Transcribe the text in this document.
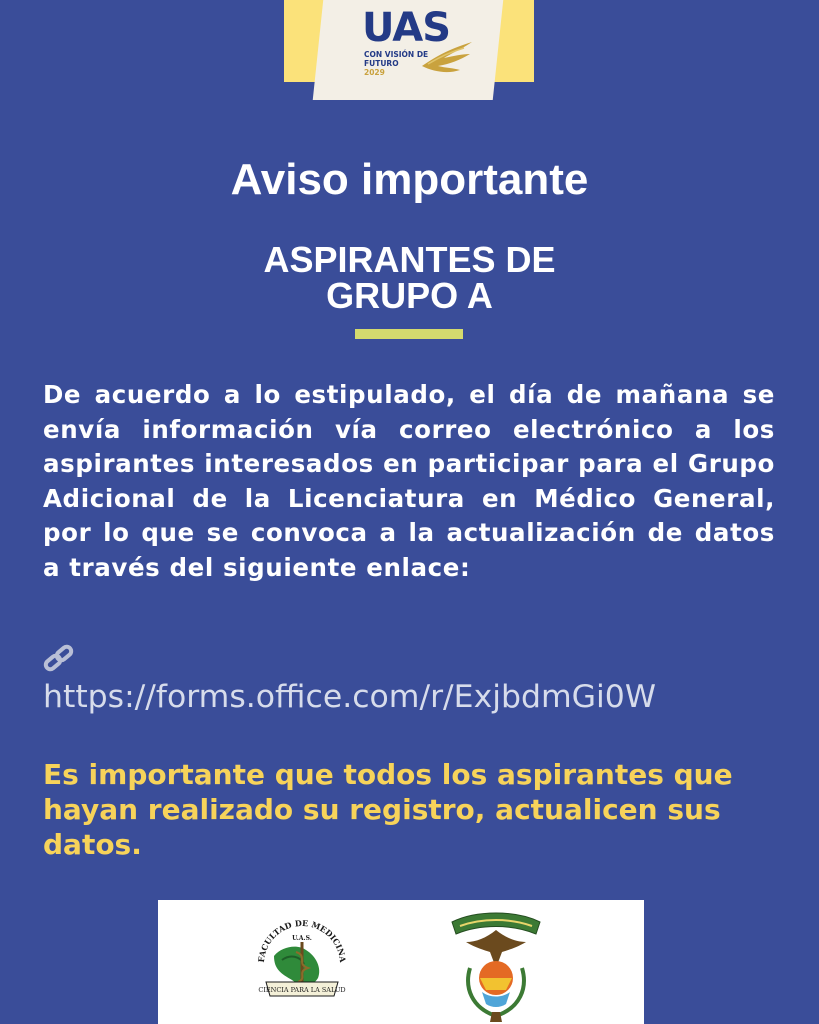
UAS
CON VISIÓN DE
FUTURO
2029
Aviso importante
ASPIRANTES DE
GRUPO A
De acuerdo a lo estipulado, el día de mañana se envía información vía correo electrónico a los aspirantes interesados en participar para el Grupo Adicional de la Licenciatura en Médico General, por lo que se convoca a la actualización de datos a través del siguiente enlace:
https://forms.office.com/r/ExjbdmGi0W
Es importante que todos los aspirantes que hayan realizado su registro, actualicen sus datos.
FACULTAD DE MEDICINA
U.A.S.
CIENCIA PARA LA SALUD
